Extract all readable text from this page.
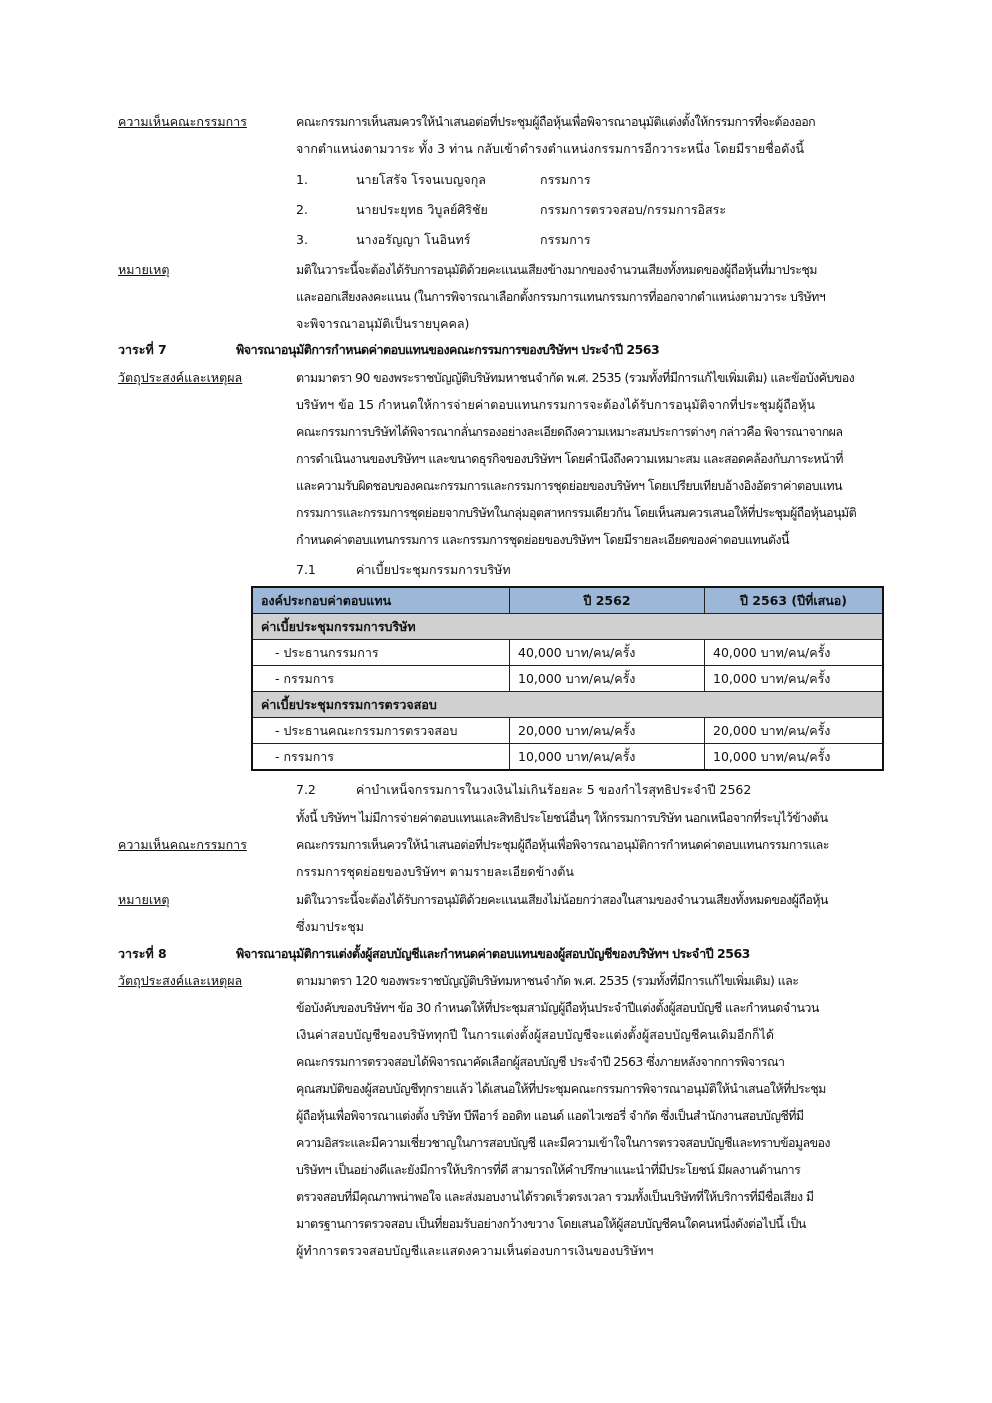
ความเห็นคณะกรรมการ	คณะกรรมการเห็นสมควรให้นำเสนอต่อที่ประชุมผู้ถือหุ้นเพื่อพิจารณาอนุมัติแต่งตั้งให้กรรมการที่จะต้องออก
จากตำแหน่งตามวาระ ทั้ง 3 ท่าน กลับเข้าดำรงตำแหน่งกรรมการอีกวาระหนึ่ง โดยมีรายชื่อดังนี้
1.	นายโสรัจ โรจนเบญจกุล	กรรมการ
2.	นายประยุทธ วิบูลย์ศิริชัย	กรรมการตรวจสอบ/กรรมการอิสระ
3.	นางอรัญญา โนอินทร์	กรรมการ
หมายเหตุ	มติในวาระนี้จะต้องได้รับการอนุมัติด้วยคะแนนเสียงข้างมากของจำนวนเสียงทั้งหมดของผู้ถือหุ้นที่มาประชุม
และออกเสียงลงคะแนน (ในการพิจารณาเลือกตั้งกรรมการแทนกรรมการที่ออกจากตำแหน่งตามวาระ บริษัทฯ
จะพิจารณาอนุมัติเป็นรายบุคคล)
วาระที่ 7	พิจารณาอนุมัติการกำหนดค่าตอบแทนของคณะกรรมการของบริษัทฯ ประจำปี 2563
วัตถุประสงค์และเหตุผล	ตามมาตรา 90 ของพระราชบัญญัติบริษัทมหาชนจำกัด พ.ศ. 2535 (รวมทั้งที่มีการแก้ไขเพิ่มเติม) และข้อบังคับของ
บริษัทฯ ข้อ 15 กำหนดให้การจ่ายค่าตอบแทนกรรมการจะต้องได้รับการอนุมัติจากที่ประชุมผู้ถือหุ้น
คณะกรรมการบริษัทได้พิจารณากลั่นกรองอย่างละเอียดถึงความเหมาะสมประการต่างๆ กล่าวคือ พิจารณาจากผล
การดำเนินงานของบริษัทฯ และขนาดธุรกิจของบริษัทฯ โดยคำนึงถึงความเหมาะสม และสอดคล้องกับภาระหน้าที่
และความรับผิดชอบของคณะกรรมการและกรรมการชุดย่อยของบริษัทฯ โดยเปรียบเทียบอ้างอิงอัตราค่าตอบแทน
กรรมการและกรรมการชุดย่อยจากบริษัทในกลุ่มอุตสาหกรรมเดียวกัน โดยเห็นสมควรเสนอให้ที่ประชุมผู้ถือหุ้นอนุมัติ
กำหนดค่าตอบแทนกรรมการ และกรรมการชุดย่อยของบริษัทฯ โดยมีรายละเอียดของค่าตอบแทนดังนี้
7.1	ค่าเบี้ยประชุมกรรมการบริษัท
องค์ประกอบค่าตอบแทน	ปี 2562	ปี 2563 (ปีที่เสนอ)
ค่าเบี้ยประชุมกรรมการบริษัท		
- ประธานกรรมการ	40,000 บาท/คน/ครั้ง	40,000 บาท/คน/ครั้ง
- กรรมการ	10,000 บาท/คน/ครั้ง	10,000 บาท/คน/ครั้ง
ค่าเบี้ยประชุมกรรมการตรวจสอบ		
- ประธานคณะกรรมการตรวจสอบ	20,000 บาท/คน/ครั้ง	20,000 บาท/คน/ครั้ง
- กรรมการ	10,000 บาท/คน/ครั้ง	10,000 บาท/คน/ครั้ง
7.2	ค่าบำเหน็จกรรมการในวงเงินไม่เกินร้อยละ 5 ของกำไรสุทธิประจำปี 2562
ทั้งนี้ บริษัทฯ ไม่มีการจ่ายค่าตอบแทนและสิทธิประโยชน์อื่นๆ ให้กรรมการบริษัท นอกเหนือจากที่ระบุไว้ข้างต้น
ความเห็นคณะกรรมการ	คณะกรรมการเห็นควรให้นำเสนอต่อที่ประชุมผู้ถือหุ้นเพื่อพิจารณาอนุมัติการกำหนดค่าตอบแทนกรรมการและ
กรรมการชุดย่อยของบริษัทฯ ตามรายละเอียดข้างต้น
หมายเหตุ	มติในวาระนี้จะต้องได้รับการอนุมัติด้วยคะแนนเสียงไม่น้อยกว่าสองในสามของจำนวนเสียงทั้งหมดของผู้ถือหุ้น
ซึ่งมาประชุม
วาระที่ 8	พิจารณาอนุมัติการแต่งตั้งผู้สอบบัญชีและกำหนดค่าตอบแทนของผู้สอบบัญชีของบริษัทฯ ประจำปี 2563
วัตถุประสงค์และเหตุผล	ตามมาตรา 120 ของพระราชบัญญัติบริษัทมหาชนจำกัด พ.ศ. 2535 (รวมทั้งที่มีการแก้ไขเพิ่มเติม) และ
ข้อบังคับของบริษัทฯ ข้อ 30 กำหนดให้ที่ประชุมสามัญผู้ถือหุ้นประจำปีแต่งตั้งผู้สอบบัญชี และกำหนดจำนวน
เงินค่าสอบบัญชีของบริษัททุกปี ในการแต่งตั้งผู้สอบบัญชีจะแต่งตั้งผู้สอบบัญชีคนเดิมอีกก็ได้
คณะกรรมการตรวจสอบได้พิจารณาคัดเลือกผู้สอบบัญชี ประจำปี 2563 ซึ่งภายหลังจากการพิจารณา
คุณสมบัติของผู้สอบบัญชีทุกรายแล้ว ได้เสนอให้ที่ประชุมคณะกรรมการพิจารณาอนุมัติให้นำเสนอให้ที่ประชุม
ผู้ถือหุ้นเพื่อพิจารณาแต่งตั้ง บริษัท บีพีอาร์ ออดิท แอนด์ แอดไวเซอรี่ จำกัด ซึ่งเป็นสำนักงานสอบบัญชีที่มี
ความอิสระและมีความเชี่ยวชาญในการสอบบัญชี และมีความเข้าใจในการตรวจสอบบัญชีและทราบข้อมูลของ
บริษัทฯ เป็นอย่างดีและยังมีการให้บริการที่ดี สามารถให้คำปรึกษาแนะนำที่มีประโยชน์ มีผลงานด้านการ
ตรวจสอบที่มีคุณภาพน่าพอใจ และส่งมอบงานได้รวดเร็วตรงเวลา รวมทั้งเป็นบริษัทที่ให้บริการที่มีชื่อเสียง มี
มาตรฐานการตรวจสอบ เป็นที่ยอมรับอย่างกว้างขวาง โดยเสนอให้ผู้สอบบัญชีคนใดคนหนึ่งดังต่อไปนี้ เป็น
ผู้ทำการตรวจสอบบัญชีและแสดงความเห็นต่องบการเงินของบริษัทฯ
